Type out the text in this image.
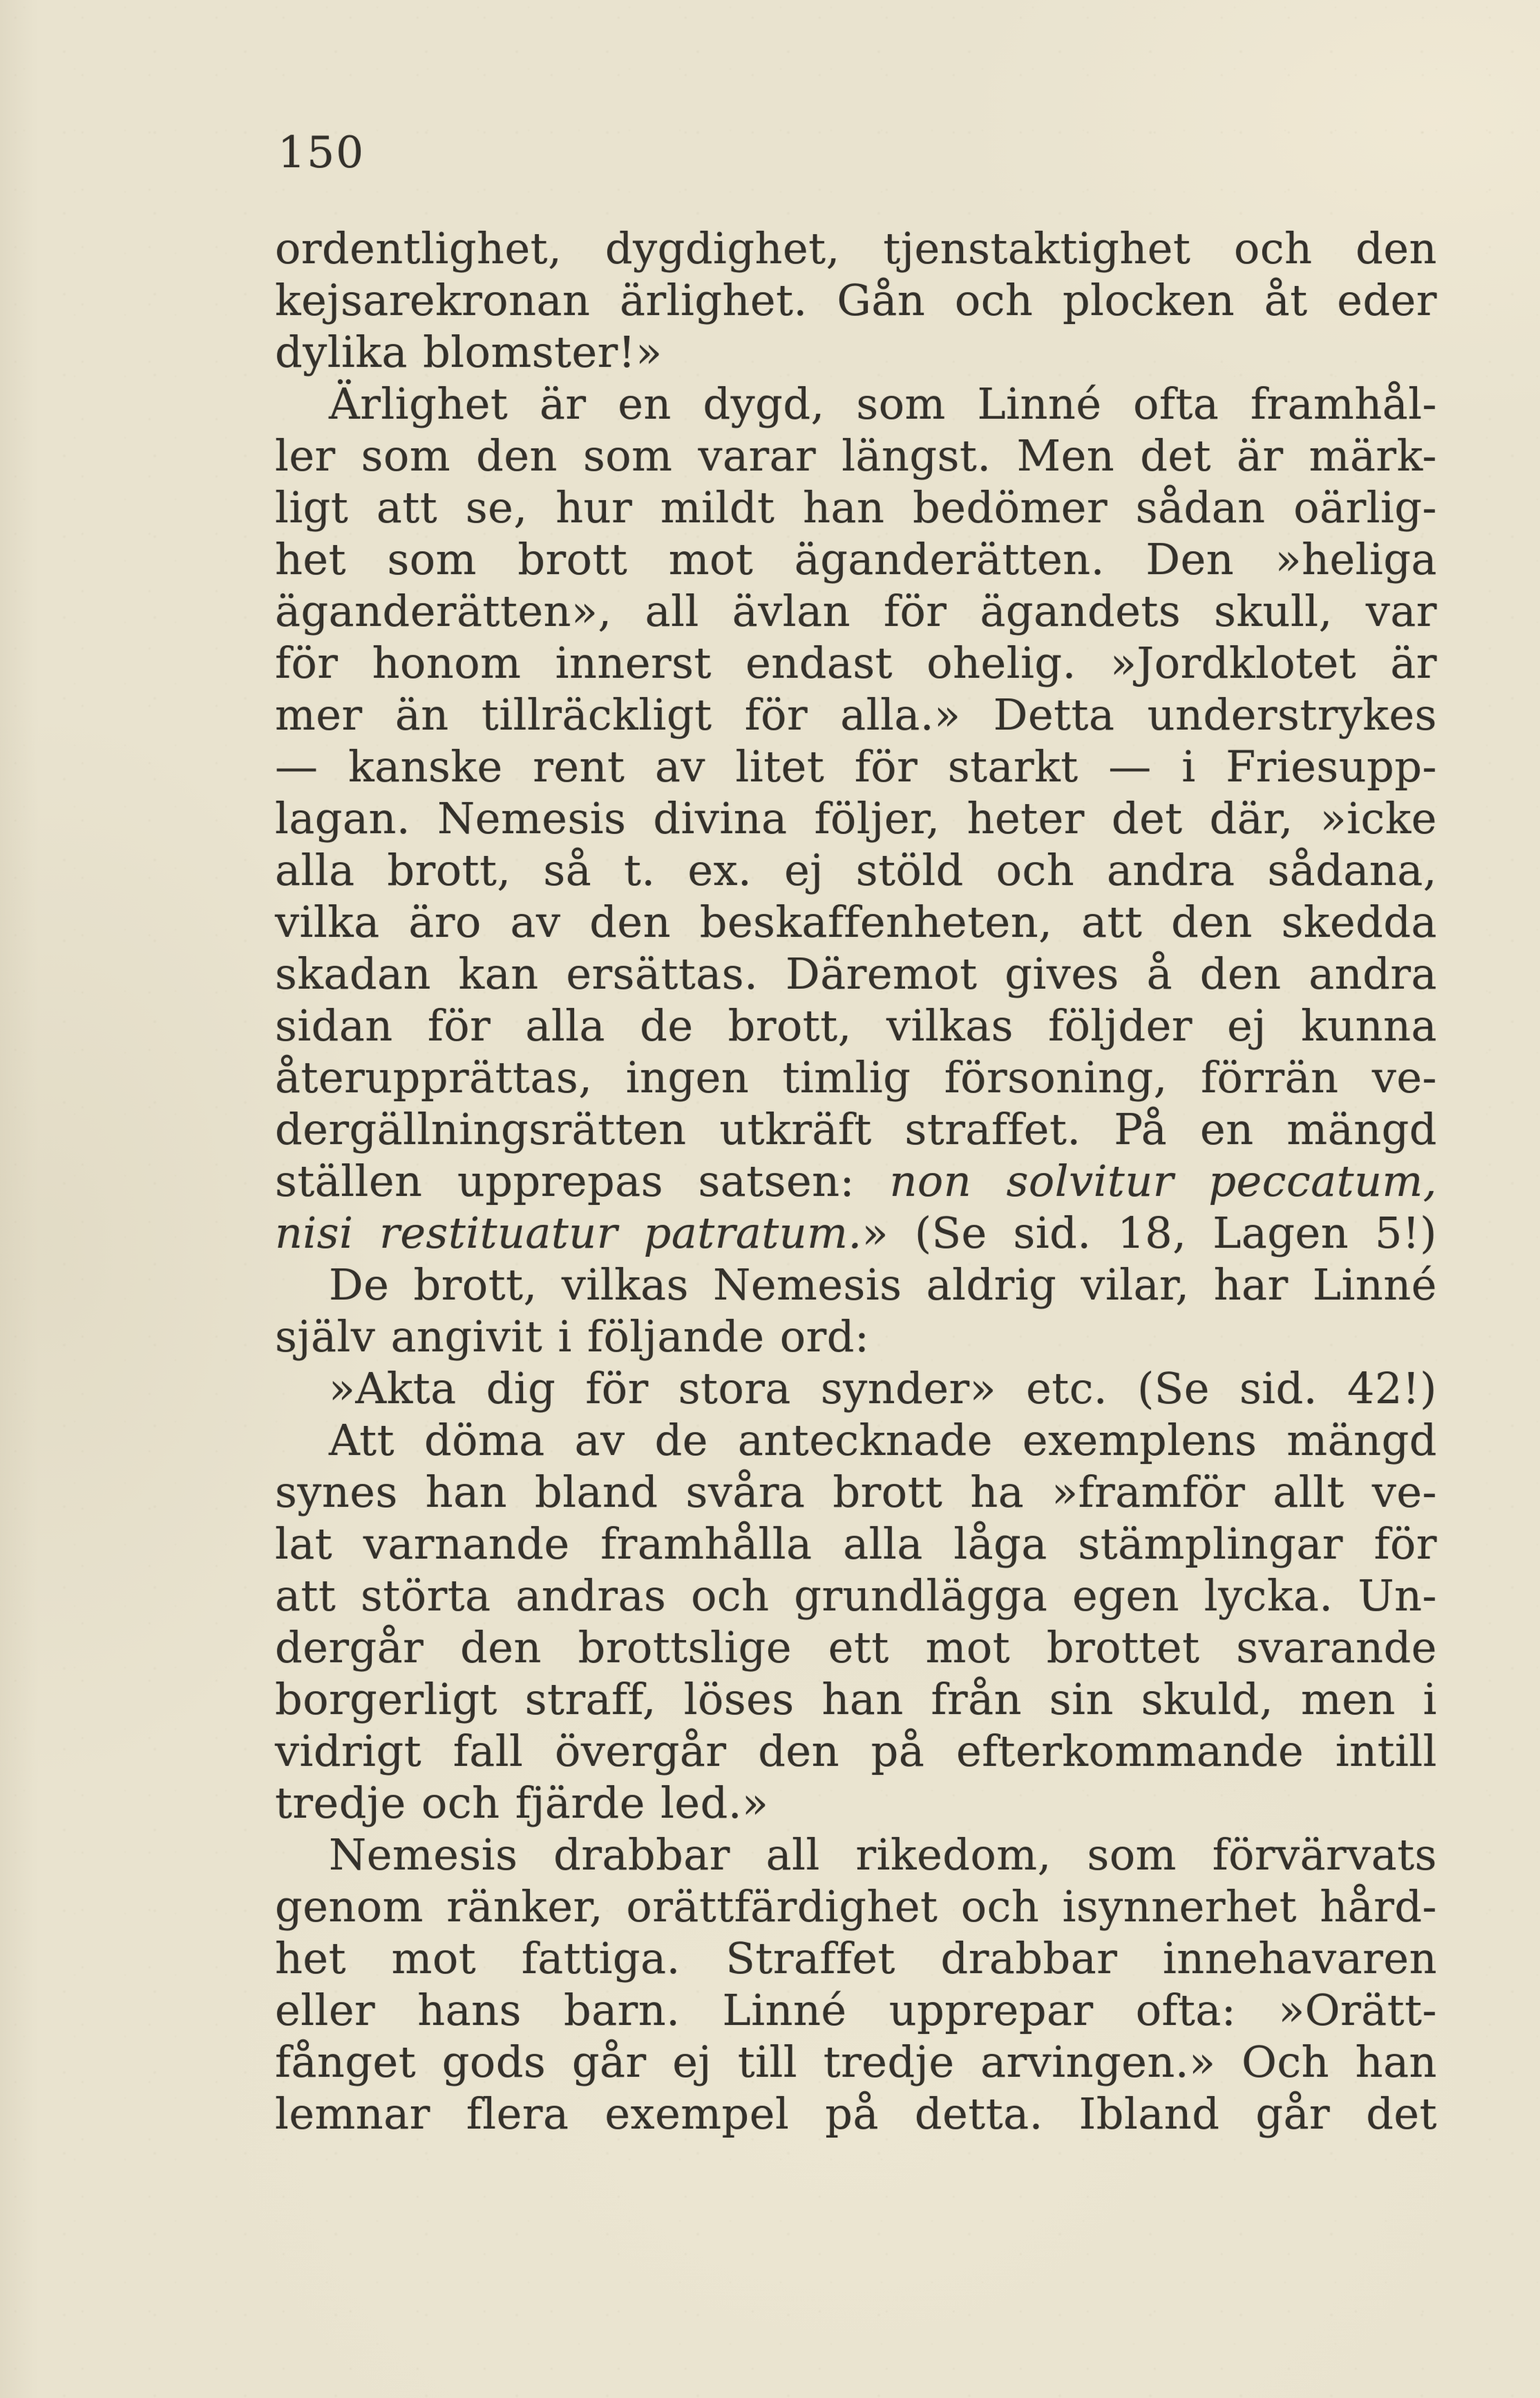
150
ordentlighet, dygdighet, tjenstaktighet och den
kejsarekronan ärlighet. Gån och plocken åt eder
dylika blomster!»
Ärlighet är en dygd, som Linné ofta framhål-
ler som den som varar längst. Men det är märk-
ligt att se, hur mildt han bedömer sådan oärlig-
het som brott mot äganderätten. Den »heliga
äganderätten», all ävlan för ägandets skull, var
för honom innerst endast ohelig. »Jordklotet är
mer än tillräckligt för alla.» Detta understrykes
— kanske rent av litet för starkt — i Friesupp-
lagan. Nemesis divina följer, heter det där, »icke
alla brott, så t. ex. ej stöld och andra sådana,
vilka äro av den beskaffenheten, att den skedda
skadan kan ersättas. Däremot gives å den andra
sidan för alla de brott, vilkas följder ej kunna
återupprättas, ingen timlig försoning, förrän ve-
dergällningsrätten utkräft straffet. På en mängd
ställen upprepas satsen: non solvitur peccatum,
nisi restituatur patratum.» (Se sid. 18, Lagen 5!)
De brott, vilkas Nemesis aldrig vilar, har Linné
själv angivit i följande ord:
»Akta dig för stora synder» etc. (Se sid. 42!)
Att döma av de antecknade exemplens mängd
synes han bland svåra brott ha »framför allt ve-
lat varnande framhålla alla låga stämplingar för
att störta andras och grundlägga egen lycka. Un-
dergår den brottslige ett mot brottet svarande
borgerligt straff, löses han från sin skuld, men i
vidrigt fall övergår den på efterkommande intill
tredje och fjärde led.»
Nemesis drabbar all rikedom, som förvärvats
genom ränker, orättfärdighet och isynnerhet hård-
het mot fattiga. Straffet drabbar innehavaren
eller hans barn. Linné upprepar ofta: »Orätt-
fånget gods går ej till tredje arvingen.» Och han
lemnar flera exempel på detta. Ibland går det
